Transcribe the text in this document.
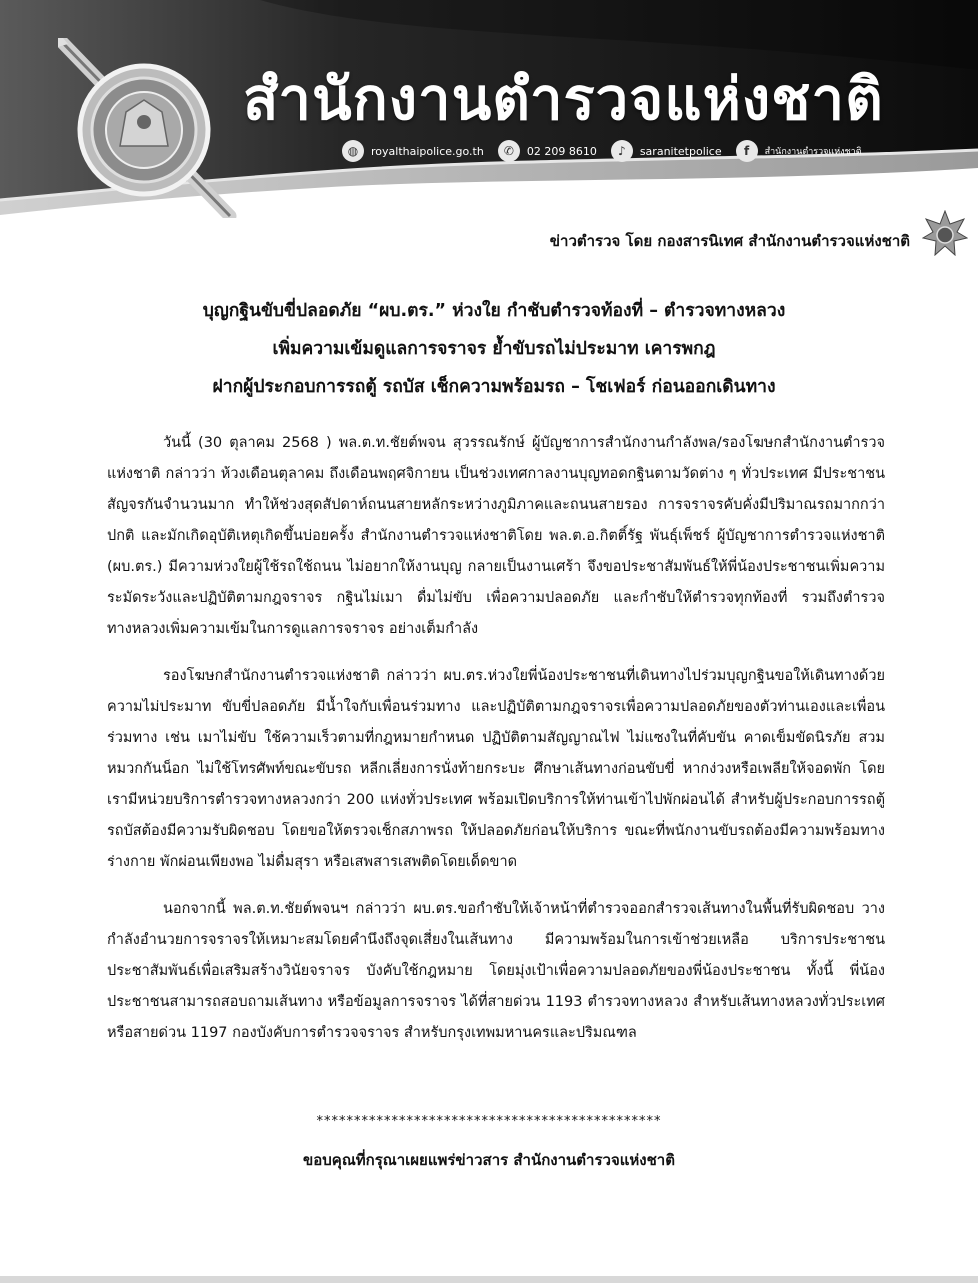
สำนักงานตำรวจแห่งชาติ
◍	royalthaipolice.go.th	✆	02 209 8610	♪	saranitetpolice	f	สำนักงานตำรวจแห่งชาติ
ข่าวตำรวจ โดย กองสารนิเทศ สำนักงานตำรวจแห่งชาติ

บุญกฐินขับขี่ปลอดภัย “ผบ.ตร.” ห่วงใย กำชับตำรวจท้องที่ – ตำรวจทางหลวง

เพิ่มความเข้มดูแลการจราจร ย้ำขับรถไม่ประมาท เคารพกฎ

ฝากผู้ประกอบการรถตู้ รถบัส เช็กความพร้อมรถ – โชเฟอร์ ก่อนออกเดินทาง

วันนี้ (30 ตุลาคม 2568 ) พล.ต.ท.ชัยต์พจน สุวรรณรักษ์ ผู้บัญชาการสำนักงานกำลังพล/รองโฆษกสำนักงานตำรวจแห่งชาติ กล่าวว่า ห้วงเดือนตุลาคม ถึงเดือนพฤศจิกายน เป็นช่วงเทศกาลงานบุญทอดกฐินตามวัดต่าง ๆ ทั่วประเทศ มีประชาชนสัญจรกันจำนวนมาก ทำให้ช่วงสุดสัปดาห์ถนนสายหลักระหว่างภูมิภาคและถนนสายรอง การจราจรคับคั่งมีปริมาณรถมากกว่าปกติ และมักเกิดอุบัติเหตุเกิดขึ้นบ่อยครั้ง สำนักงานตำรวจแห่งชาติโดย พล.ต.อ.กิตติ์รัฐ พันธุ์เพ็ชร์ ผู้บัญชาการตำรวจแห่งชาติ (ผบ.ตร.) มีความห่วงใยผู้ใช้รถใช้ถนน ไม่อยากให้งานบุญ กลายเป็นงานเศร้า จึงขอประชาสัมพันธ์ให้พี่น้องประชาชนเพิ่มความระมัดระวังและปฏิบัติตามกฎจราจร กฐินไม่เมา ดื่มไม่ขับ เพื่อความปลอดภัย และกำชับให้ตำรวจทุกท้องที่ รวมถึงตำรวจทางหลวงเพิ่มความเข้มในการดูแลการจราจร อย่างเต็มกำลัง

รองโฆษกสำนักงานตำรวจแห่งชาติ กล่าวว่า ผบ.ตร.ห่วงใยพี่น้องประชาชนที่เดินทางไปร่วมบุญกฐินขอให้เดินทางด้วยความไม่ประมาท ขับขี่ปลอดภัย มีน้ำใจกับเพื่อนร่วมทาง และปฏิบัติตามกฎจราจรเพื่อความปลอดภัยของตัวท่านเองและเพื่อนร่วมทาง เช่น เมาไม่ขับ ใช้ความเร็วตามที่กฎหมายกำหนด ปฏิบัติตามสัญญาณไฟ ไม่แซงในที่คับขัน คาดเข็มขัดนิรภัย สวมหมวกกันน็อก ไม่ใช้โทรศัพท์ขณะขับรถ หลีกเลี่ยงการนั่งท้ายกระบะ ศึกษาเส้นทางก่อนขับขี่ หากง่วงหรือเพลียให้จอดพัก โดยเรามีหน่วยบริการตำรวจทางหลวงกว่า 200 แห่งทั่วประเทศ พร้อมเปิดบริการให้ท่านเข้าไปพักผ่อนได้ สำหรับผู้ประกอบการรถตู้ รถบัสต้องมีความรับผิดชอบ โดยขอให้ตรวจเช็กสภาพรถ ให้ปลอดภัยก่อนให้บริการ ขณะที่พนักงานขับรถต้องมีความพร้อมทางร่างกาย พักผ่อนเพียงพอ ไม่ดื่มสุรา หรือเสพสารเสพติดโดยเด็ดขาด

นอกจากนี้ พล.ต.ท.ชัยต์พจนฯ กล่าวว่า ผบ.ตร.ขอกำชับให้เจ้าหน้าที่ตำรวจออกสำรวจเส้นทางในพื้นที่รับผิดชอบ วางกำลังอำนวยการจราจรให้เหมาะสมโดยคำนึงถึงจุดเสี่ยงในเส้นทาง มีความพร้อมในการเข้าช่วยเหลือ บริการประชาชน ประชาสัมพันธ์เพื่อเสริมสร้างวินัยจราจร บังคับใช้กฎหมาย โดยมุ่งเป้าเพื่อความปลอดภัยของพี่น้องประชาชน ทั้งนี้ พี่น้องประชาชนสามารถสอบถามเส้นทาง หรือข้อมูลการจราจร ได้ที่สายด่วน 1193 ตำรวจทางหลวง สำหรับเส้นทางหลวงทั่วประเทศ หรือสายด่วน 1197 กองบังคับการตำรวจจราจร สำหรับกรุงเทพมหานครและปริมณฑล

**********************************************
ขอบคุณที่กรุณาเผยแพร่ข่าวสาร สำนักงานตำรวจแห่งชาติ
